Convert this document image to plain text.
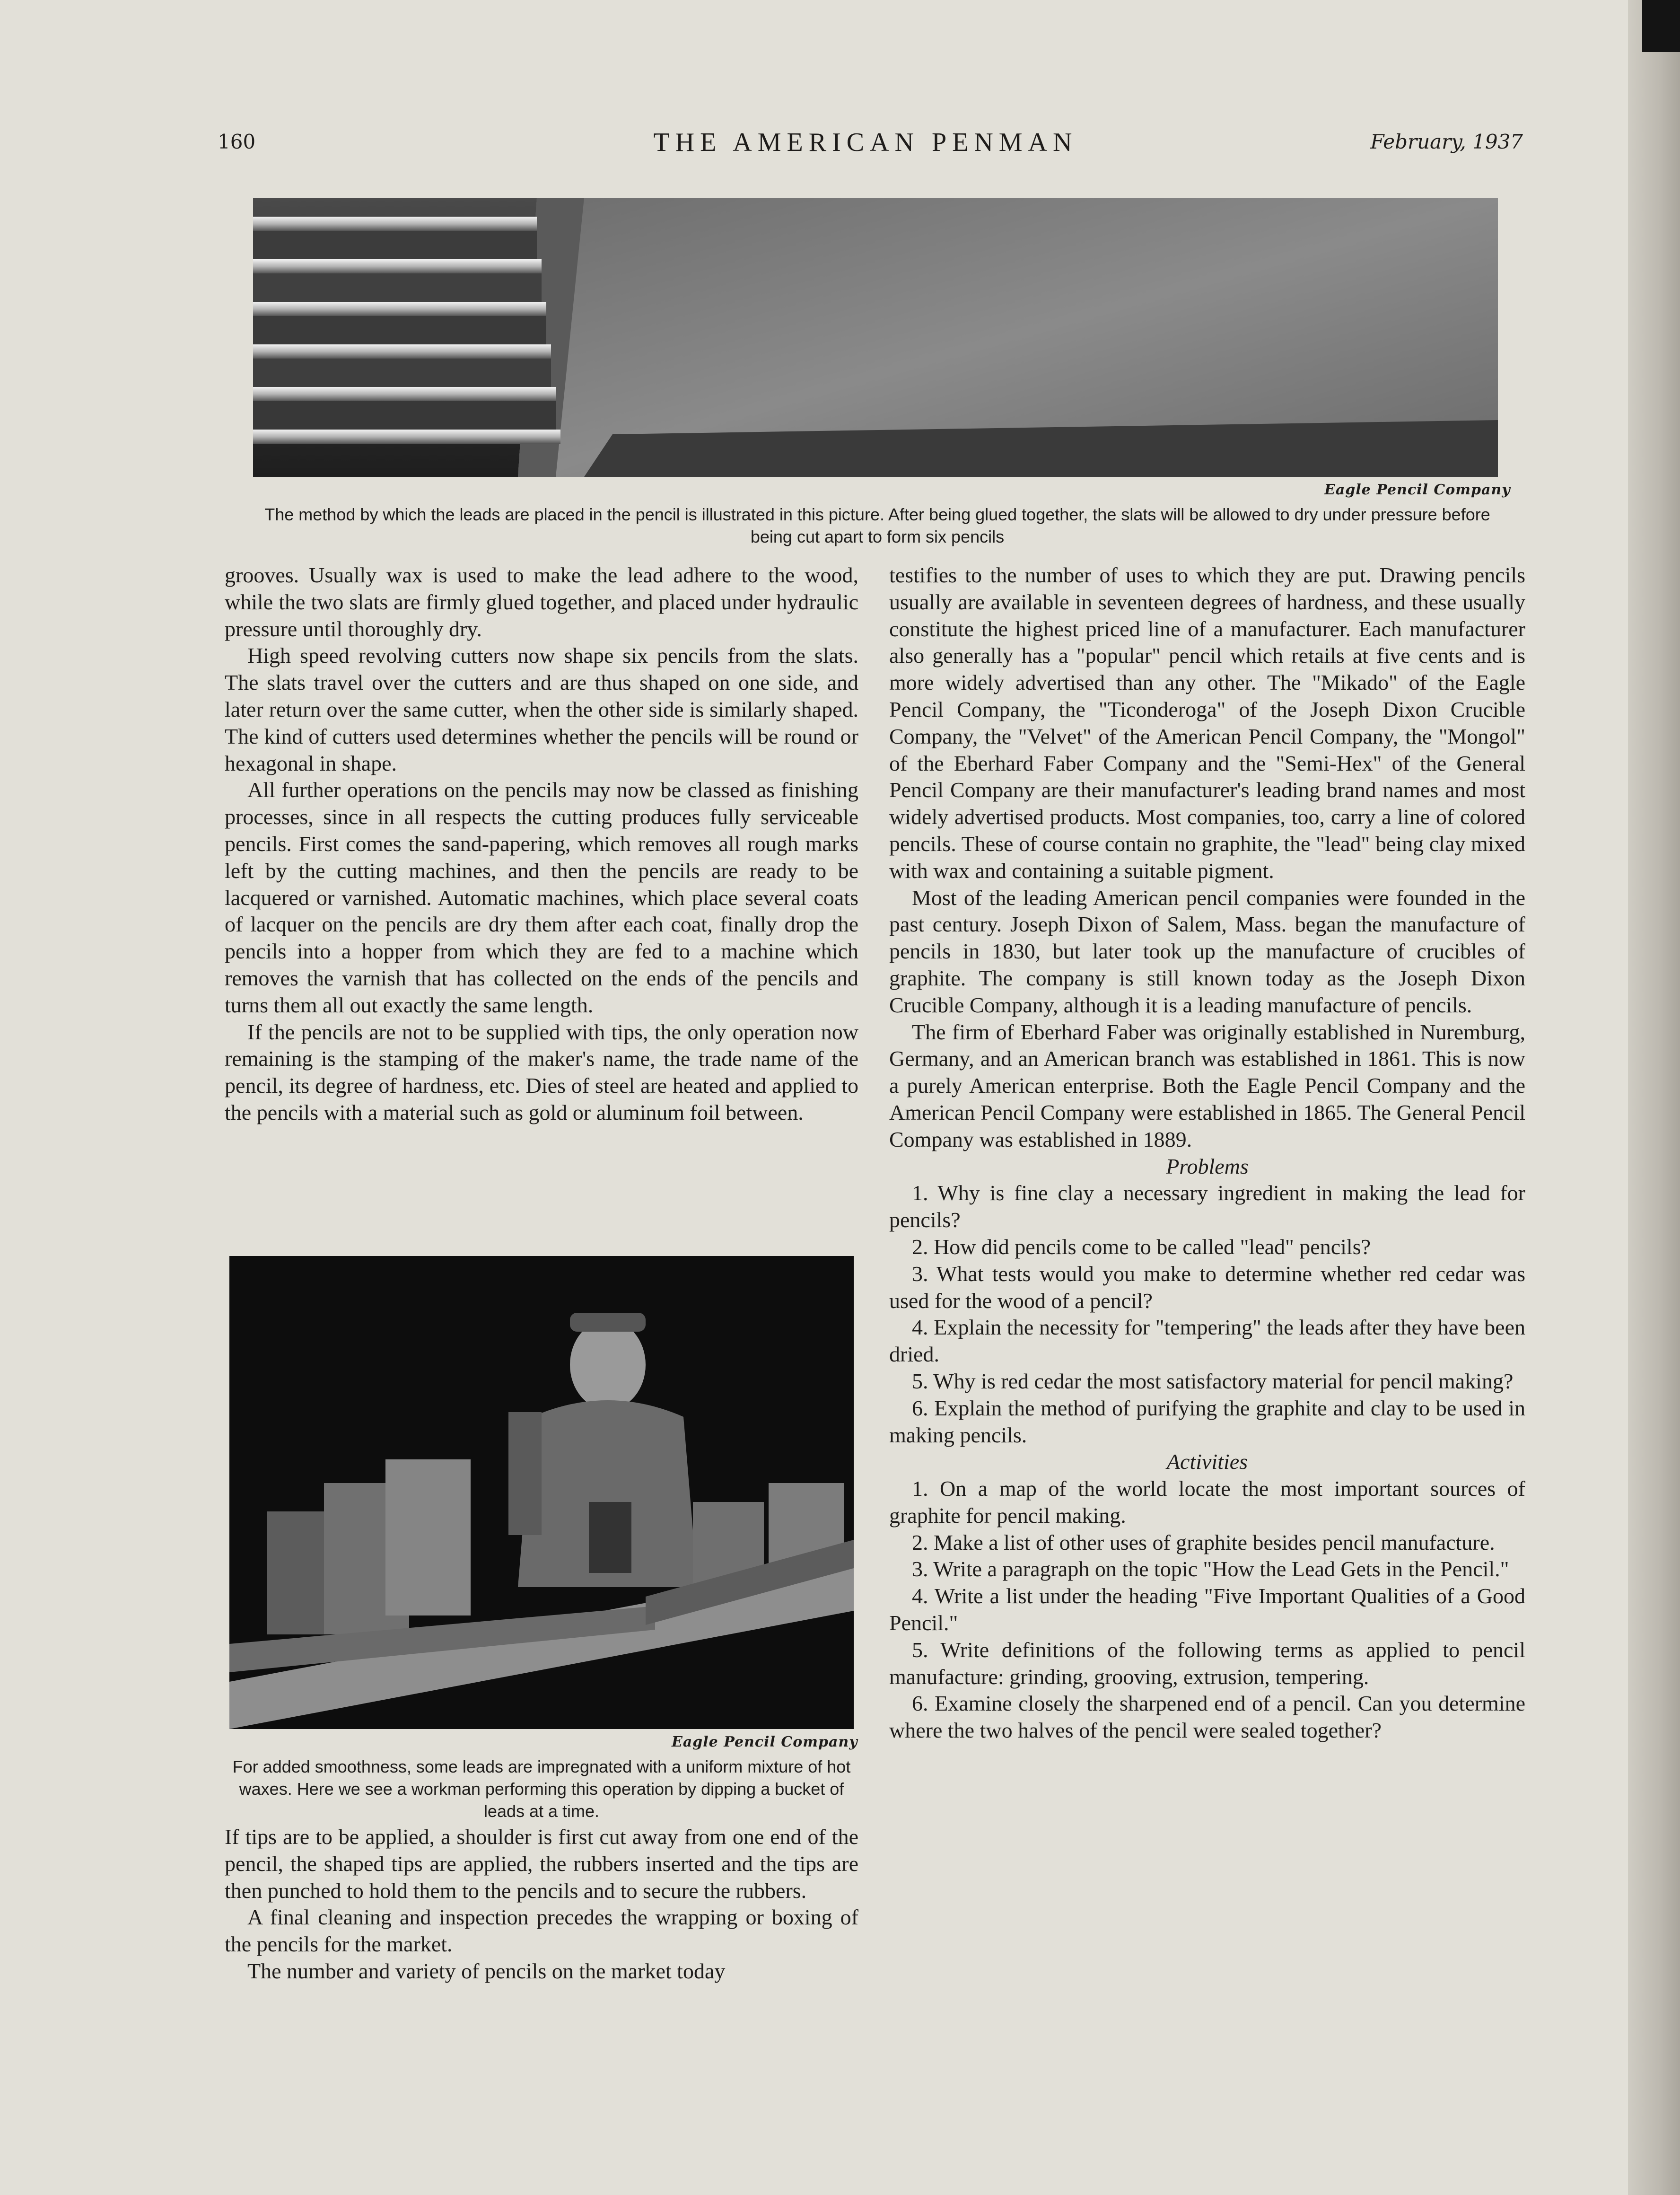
160	THE AMERICAN PENMAN	February, 1937
Eagle Pencil Company
The method by which the leads are placed in the pencil is illustrated in this picture. After being glued together, the slats will be allowed to dry under pressure before being cut apart to form six pencils

grooves. Usually wax is used to make the lead adhere to the wood, while the two slats are firmly glued together, and placed under hydraulic pressure until thoroughly dry.

High speed revolving cutters now shape six pencils from the slats. The slats travel over the cutters and are thus shaped on one side, and later return over the same cutter, when the other side is similarly shaped. The kind of cutters used determines whether the pencils will be round or hexagonal in shape.

All further operations on the pencils may now be classed as finishing processes, since in all respects the cutting produces fully serviceable pencils. First comes the sand-papering, which removes all rough marks left by the cutting machines, and then the pencils are ready to be lacquered or varnished. Automatic machines, which place several coats of lacquer on the pencils are dry them after each coat, finally drop the pencils into a hopper from which they are fed to a machine which removes the varnish that has collected on the ends of the pencils and turns them all out exactly the same length.

If the pencils are not to be supplied with tips, the only operation now remaining is the stamping of the maker's name, the trade name of the pencil, its degree of hardness, etc. Dies of steel are heated and applied to the pencils with a material such as gold or aluminum foil between.

Eagle Pencil Company
For added smoothness, some leads are impregnated with a uniform mixture of hot waxes. Here we see a workman performing this operation by dipping a bucket of leads at a time.

If tips are to be applied, a shoulder is first cut away from one end of the pencil, the shaped tips are applied, the rubbers inserted and the tips are then punched to hold them to the pencils and to secure the rubbers.

A final cleaning and inspection precedes the wrapping or boxing of the pencils for the market.

The number and variety of pencils on the market today

testifies to the number of uses to which they are put. Drawing pencils usually are available in seventeen degrees of hardness, and these usually constitute the highest priced line of a manufacturer. Each manufacturer also generally has a "popular" pencil which retails at five cents and is more widely advertised than any other. The "Mikado" of the Eagle Pencil Company, the "Ticonderoga" of the Joseph Dixon Crucible Company, the "Velvet" of the American Pencil Company, the "Mongol" of the Eberhard Faber Company and the "Semi-Hex" of the General Pencil Company are their manufacturer's leading brand names and most widely advertised products. Most companies, too, carry a line of colored pencils. These of course contain no graphite, the "lead" being clay mixed with wax and containing a suitable pigment.

Most of the leading American pencil companies were founded in the past century. Joseph Dixon of Salem, Mass. began the manufacture of pencils in 1830, but later took up the manufacture of crucibles of graphite. The company is still known today as the Joseph Dixon Crucible Company, although it is a leading manufacture of pencils.

The firm of Eberhard Faber was originally established in Nuremburg, Germany, and an American branch was established in 1861. This is now a purely American enterprise. Both the Eagle Pencil Company and the American Pencil Company were established in 1865. The General Pencil Company was established in 1889.

Problems

1. Why is fine clay a necessary ingredient in making the lead for pencils?

2. How did pencils come to be called "lead" pencils?

3. What tests would you make to determine whether red cedar was used for the wood of a pencil?

4. Explain the necessity for "tempering" the leads after they have been dried.

5. Why is red cedar the most satisfactory material for pencil making?

6. Explain the method of purifying the graphite and clay to be used in making pencils.

Activities

1. On a map of the world locate the most important sources of graphite for pencil making.

2. Make a list of other uses of graphite besides pencil manufacture.

3. Write a paragraph on the topic "How the Lead Gets in the Pencil."

4. Write a list under the heading "Five Important Qualities of a Good Pencil."

5. Write definitions of the following terms as applied to pencil manufacture: grinding, grooving, extrusion, tempering.

6. Examine closely the sharpened end of a pencil. Can you determine where the two halves of the pencil were sealed together?
